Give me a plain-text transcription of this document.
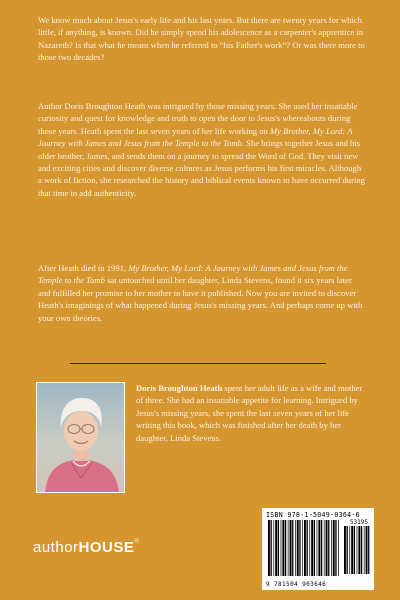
We know much about Jesus's early life and his last years. But there are twenty years for which little, if anything, is known. Did he simply spend his adolescence as a carpenter's apprentice in Nazareth? Is that what he meant when he referred to “his Father's work”? Or was there more to those two decades?

Author Doris Broughton Heath was intrigued by those missing years. She used her insatiable curiosity and quest for knowledge and truth to open the door to Jesus's whereabouts during those years. Heath spent the last seven years of her life working on My Brother, My Lord: A Journey with James and Jesus from the Temple to the Tomb. She brings together Jesus and his older brother, James, and sends them on a journey to spread the Word of God. They visit new and exciting cities and discover diverse cultures as Jesus performs his first miracles. Although a work of fiction, she researched the history and biblical events known to have occurred during that time to add authenticity.

After Heath died in 1991, My Brother, My Lord: A Journey with James and Jesus from the Temple to the Tomb sat untouched until her daughter, Linda Stevens, found it six years later and fulfilled her promise to her mother to have it published. Now you are invited to discover Heath's imaginings of what happened during Jesus's missing years. And perhaps come up with your own theories.

Doris Broughton Heath spent her adult life as a wife and mother of three. She had an insatiable appetite for learning. Intrigued by Jesus's missing years, she spent the last seven years of her life writing this book, which was finished after her death by her daughter, Linda Stevens.

ISBN 978-1-5049-0364-6
53195
9 781504 903646
authorHOUSE®
